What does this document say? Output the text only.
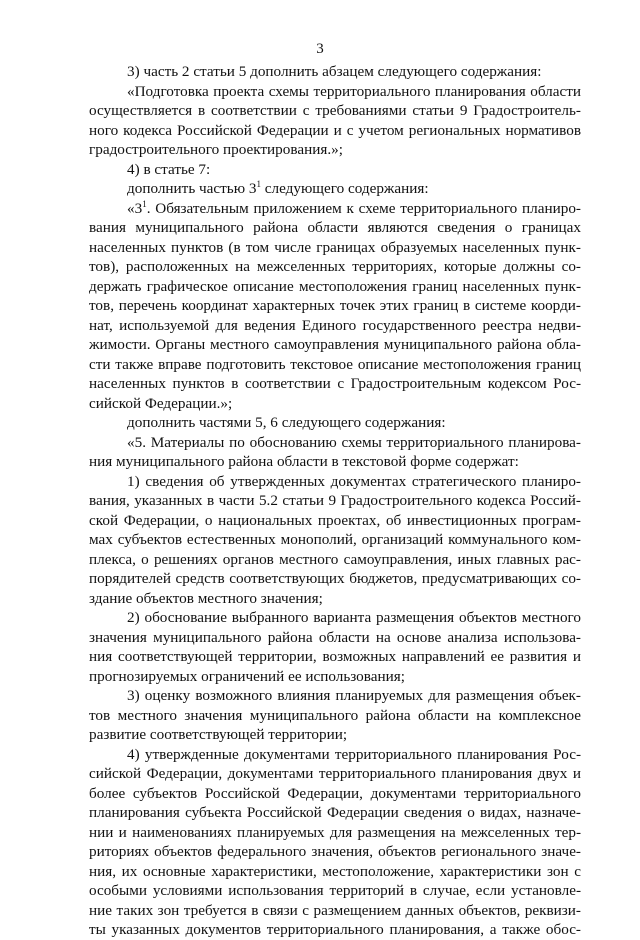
3
3) часть 2 статьи 5 дополнить абзацем следующего содержания:
«Подготовка проекта схемы территориального планирования области
осуществляется в соответствии с требованиями статьи 9 Градостроитель-
ного кодекса Российской Федерации и с учетом региональных нормативов
градостроительного проектирования.»;
4) в статье 7:
дополнить частью $3^1$ следующего содержания:
«$3^1$. Обязательным приложением к схеме территориального планиро-
вания муниципального района области являются сведения о границах
населенных пунктов (в том числе границах образуемых населенных пунк-
тов), расположенных на межселенных территориях, которые должны со-
держать графическое описание местоположения границ населенных пунк-
тов, перечень координат характерных точек этих границ в системе коорди-
нат, используемой для ведения Единого государственного реестра недви-
жимости. Органы местного самоуправления муниципального района обла-
сти также вправе подготовить текстовое описание местоположения границ
населенных пунктов в соответствии с Градостроительным кодексом Рос-
сийской Федерации.»;
дополнить частями 5, 6 следующего содержания:
«5. Материалы по обоснованию схемы территориального планирова-
ния муниципального района области в текстовой форме содержат:
1) сведения об утвержденных документах стратегического планиро-
вания, указанных в части 5.2 статьи 9 Градостроительного кодекса Россий-
ской Федерации, о национальных проектах, об инвестиционных програм-
мах субъектов естественных монополий, организаций коммунального ком-
плекса, о решениях органов местного самоуправления, иных главных рас-
порядителей средств соответствующих бюджетов, предусматривающих со-
здание объектов местного значения;
2) обоснование выбранного варианта размещения объектов местного
значения муниципального района области на основе анализа использова-
ния соответствующей территории, возможных направлений ее развития и
прогнозируемых ограничений ее использования;
3) оценку возможного влияния планируемых для размещения объек-
тов местного значения муниципального района области на комплексное
развитие соответствующей территории;
4) утвержденные документами территориального планирования Рос-
сийской Федерации, документами территориального планирования двух и
более субъектов Российской Федерации, документами территориального
планирования субъекта Российской Федерации сведения о видах, назначе-
нии и наименованиях планируемых для размещения на межселенных тер-
риториях объектов федерального значения, объектов регионального значе-
ния, их основные характеристики, местоположение, характеристики зон с
особыми условиями использования территорий в случае, если установле-
ние таких зон требуется в связи с размещением данных объектов, реквизи-
ты указанных документов территориального планирования, а также обос-
